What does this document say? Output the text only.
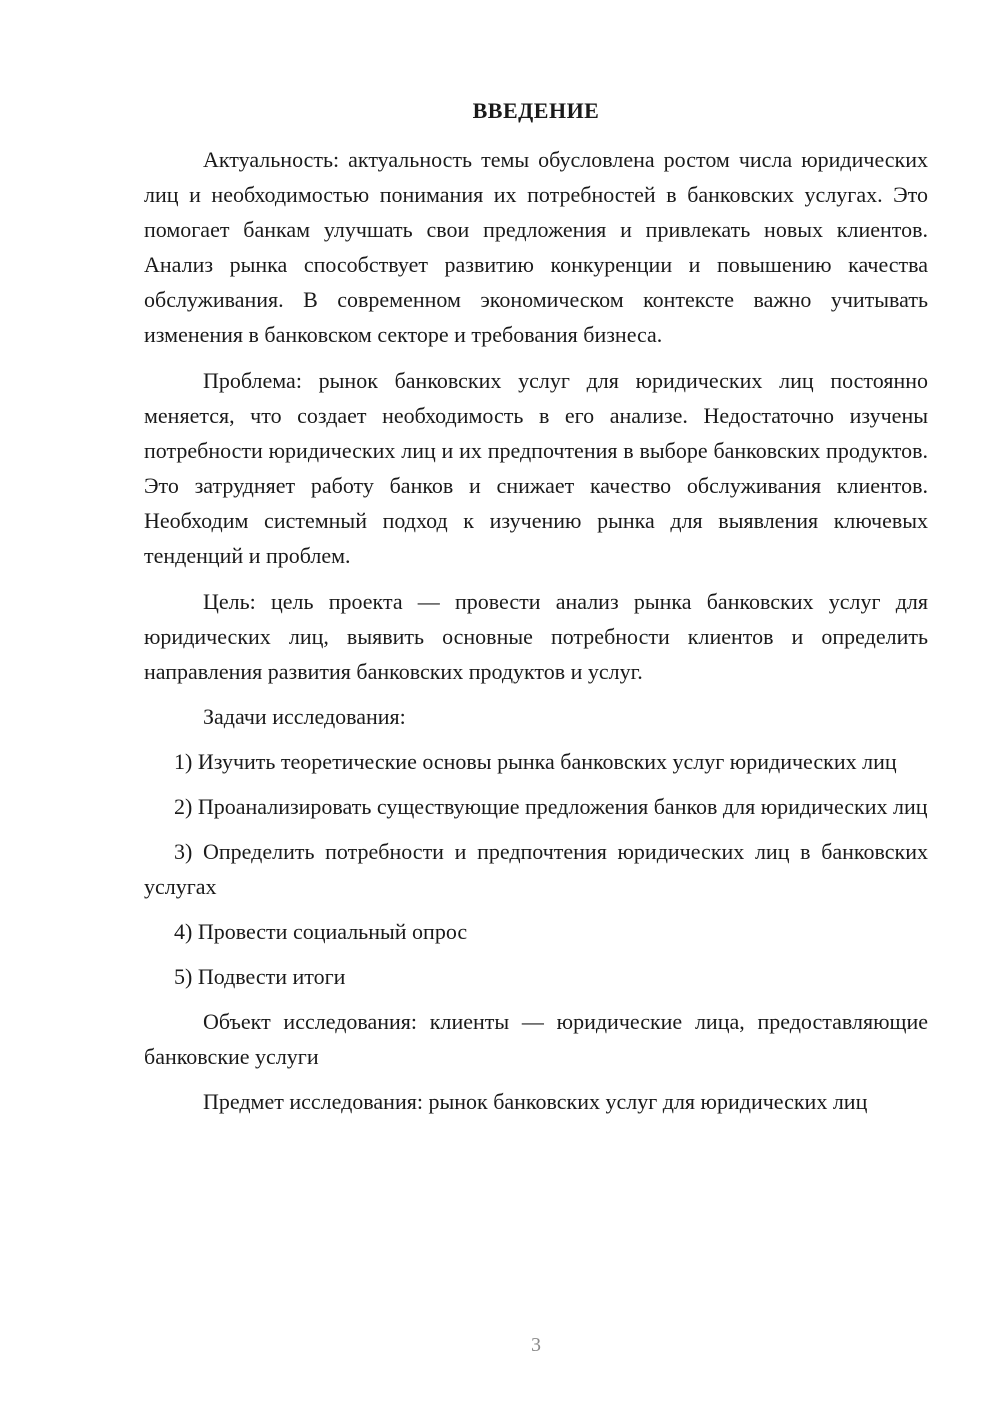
ВВЕДЕНИЕ

Актуальность: актуальность темы обусловлена ростом числа юридических лиц и необходимостью понимания их потребностей в банковских услугах. Это помогает банкам улучшать свои предложения и привлекать новых клиентов. Анализ рынка способствует развитию конкуренции и повышению качества обслуживания. В современном экономическом контексте важно учитывать изменения в банковском секторе и требования бизнеса.

Проблема: рынок банковских услуг для юридических лиц постоянно меняется, что создает необходимость в его анализе. Недостаточно изучены потребности юридических лиц и их предпочтения в выборе банковских продуктов. Это затрудняет работу банков и снижает качество обслуживания клиентов. Необходим системный подход к изучению рынка для выявления ключевых тенденций и проблем.

Цель: цель проекта — провести анализ рынка банковских услуг для юридических лиц, выявить основные потребности клиентов и определить направления развития банковских продуктов и услуг.

Задачи исследования:

1) Изучить теоретические основы рынка банковских услуг юридических лиц

2) Проанализировать существующие предложения банков для юридических лиц

3) Определить потребности и предпочтения юридических лиц в банковских услугах

4) Провести социальный опрос

5) Подвести итоги

Объект исследования: клиенты — юридические лица, предоставляющие банковские услуги

Предмет исследования: рынок банковских услуг для юридических лиц

3
